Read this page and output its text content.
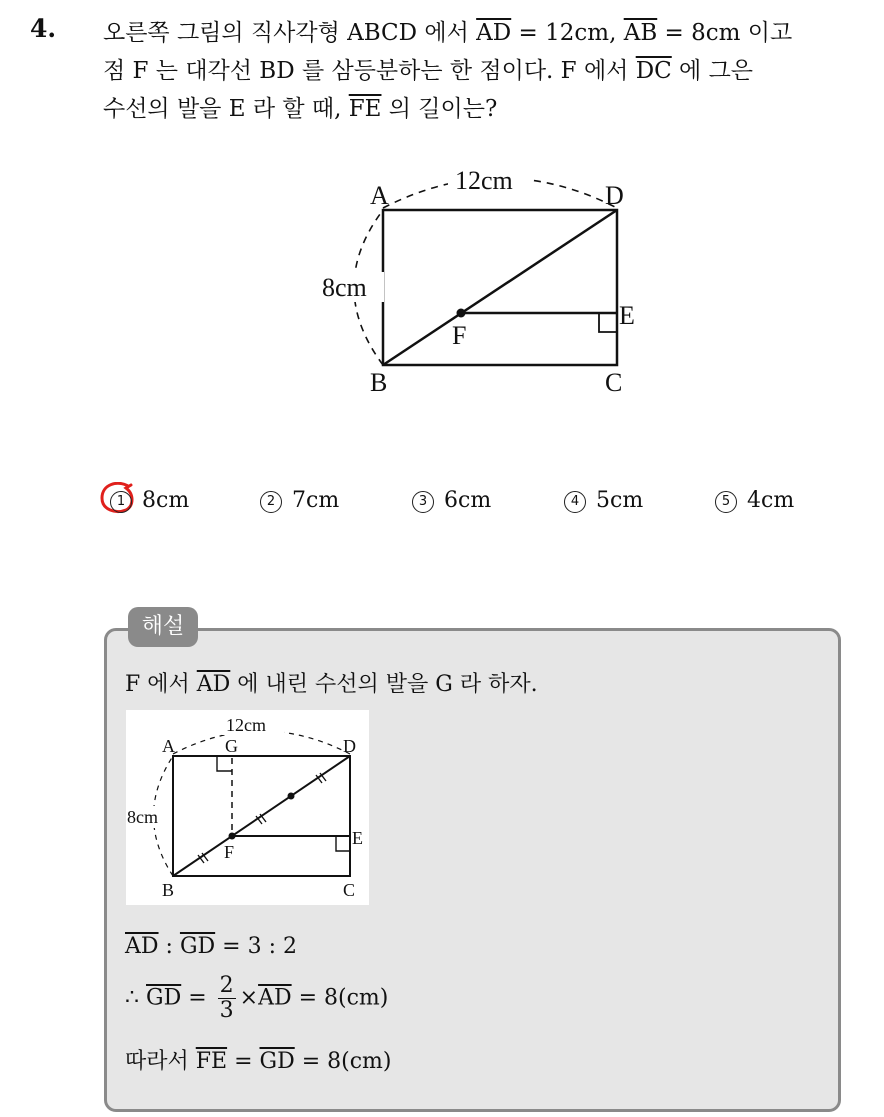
4. 오른쪽 그림의 직사각형 ABCD 에서 $\overline{AD} = 12cm$, $\overline{AB} = 8cm$ 이고
점 F 는 대각선 BD 를 삼등분하는 한 점이다. F 에서 $\overline{DC}$ 에 그은
수선의 발을 E 라 할 때, $\overline{FE}$ 의 길이는?
12cm
8cm
A	D
B	C
E
F
1 8cm	2 7cm	3 6cm	4 5cm	5 4cm
해설
F 에서 $\overline{AD}$ 에 내린 수선의 발을 G 라 하자.
12cm
8cm
A	G	D
B	C
E
F
$\overline{AD}$ : $\overline{GD} = 3$ : 2
∴ $\overline{GD} = \frac{2}{3} \times\overline{AD} = 8(cm)$
따라서 $\overline{FE} = \overline{GD} = 8(cm)$
